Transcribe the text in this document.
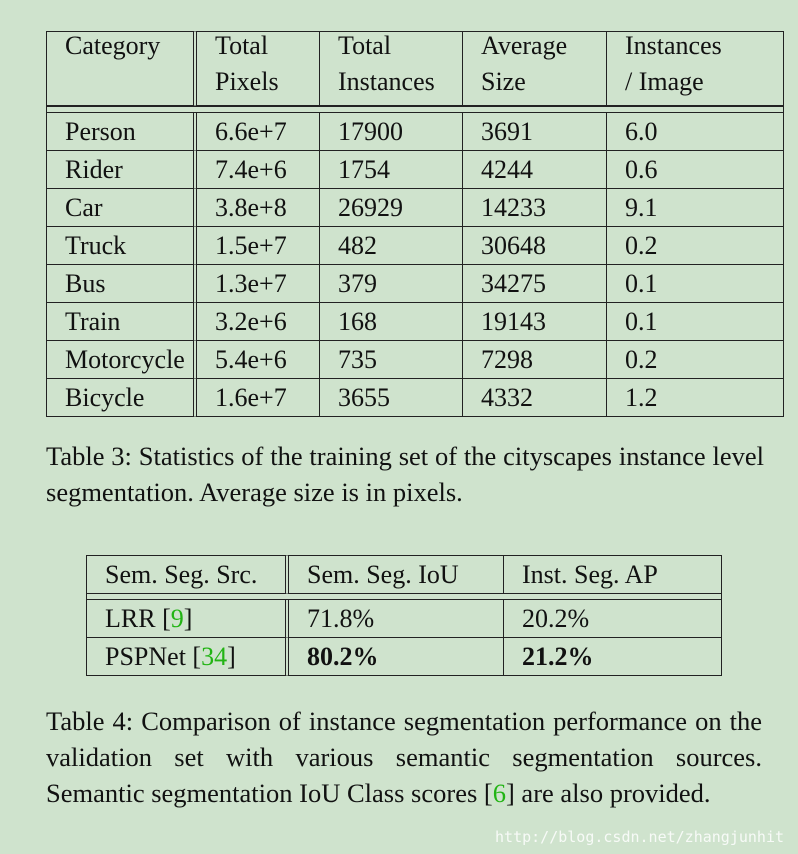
Category	Total	Total	Average	Instances
	Pixels	Instances	Size	/ Image

Person	6.6e+7	17900	3691	6.0
Rider	7.4e+6	1754	4244	0.6
Car	3.8e+8	26929	14233	9.1
Truck	1.5e+7	482	30648	0.2
Bus	1.3e+7	379	34275	0.1
Train	3.2e+6	168	19143	0.1
Motorcycle	5.4e+6	735	7298	0.2
Bicycle	1.6e+7	3655	4332	1.2
Table 3: Statistics of the training set of the cityscapes instance level segmentation. Average size is in pixels.
Sem. Seg. Src.	Sem. Seg. IoU	Inst. Seg. AP

LRR [9]	71.8%	20.2%
PSPNet [34]	80.2%	21.2%
Table 4: Comparison of instance segmentation performance on the validation set with various semantic segmentation sources. Semantic segmentation IoU Class scores [6] are also provided.
http://blog.csdn.net/zhangjunhit
